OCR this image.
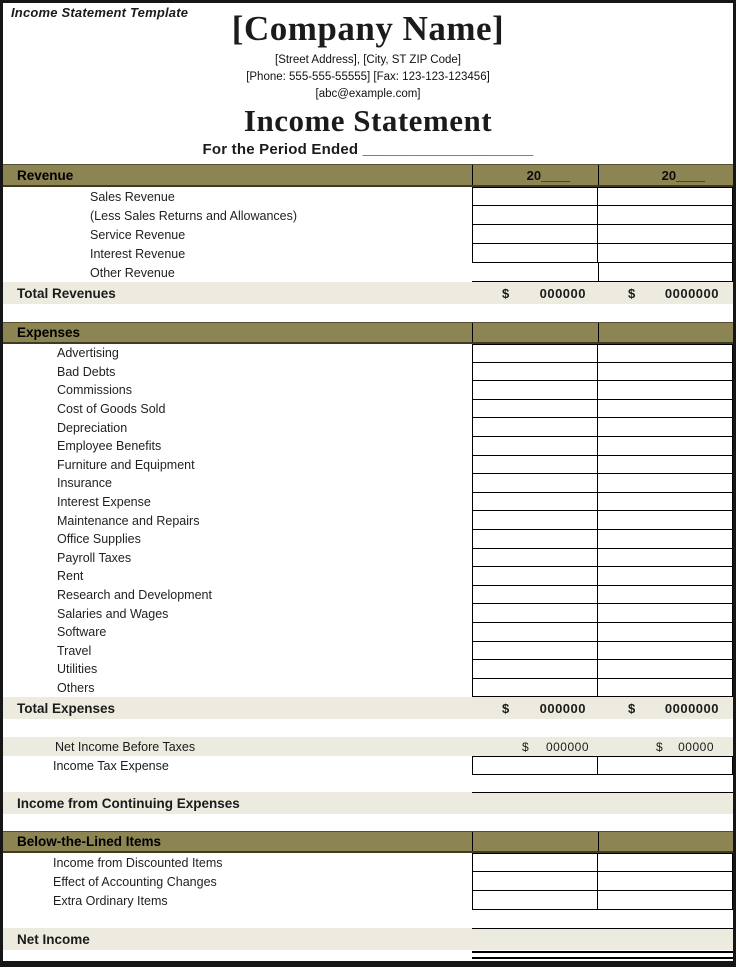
Income Statement Template	[Company Name]
[Street Address], [City, ST ZIP Code]
[Phone: 555-555-55555] [Fax: 123-123-123456]
[abc@example.com]
Income Statement
For the Period Ended ____________________
Revenue	20____	20____
Sales Revenue
(Less Sales Returns and Allowances)
Service Revenue
Interest Revenue
Other Revenue
Total Revenues	$ 000000	$ 0000000
Expenses
Advertising
Bad Debts
Commissions
Cost of Goods Sold
Depreciation
Employee Benefits
Furniture and Equipment
Insurance
Interest Expense
Maintenance and Repairs
Office Supplies
Payroll Taxes
Rent
Research and Development
Salaries and Wages
Software
Travel
Utilities
Others
Total Expenses	$ 000000	$ 0000000
Net Income Before Taxes	$ 000000	$ 00000
Income Tax Expense
Income from Continuing Expenses
Below-the-Lined Items
Income from Discounted Items
Effect of Accounting Changes
Extra Ordinary Items
Net Income
